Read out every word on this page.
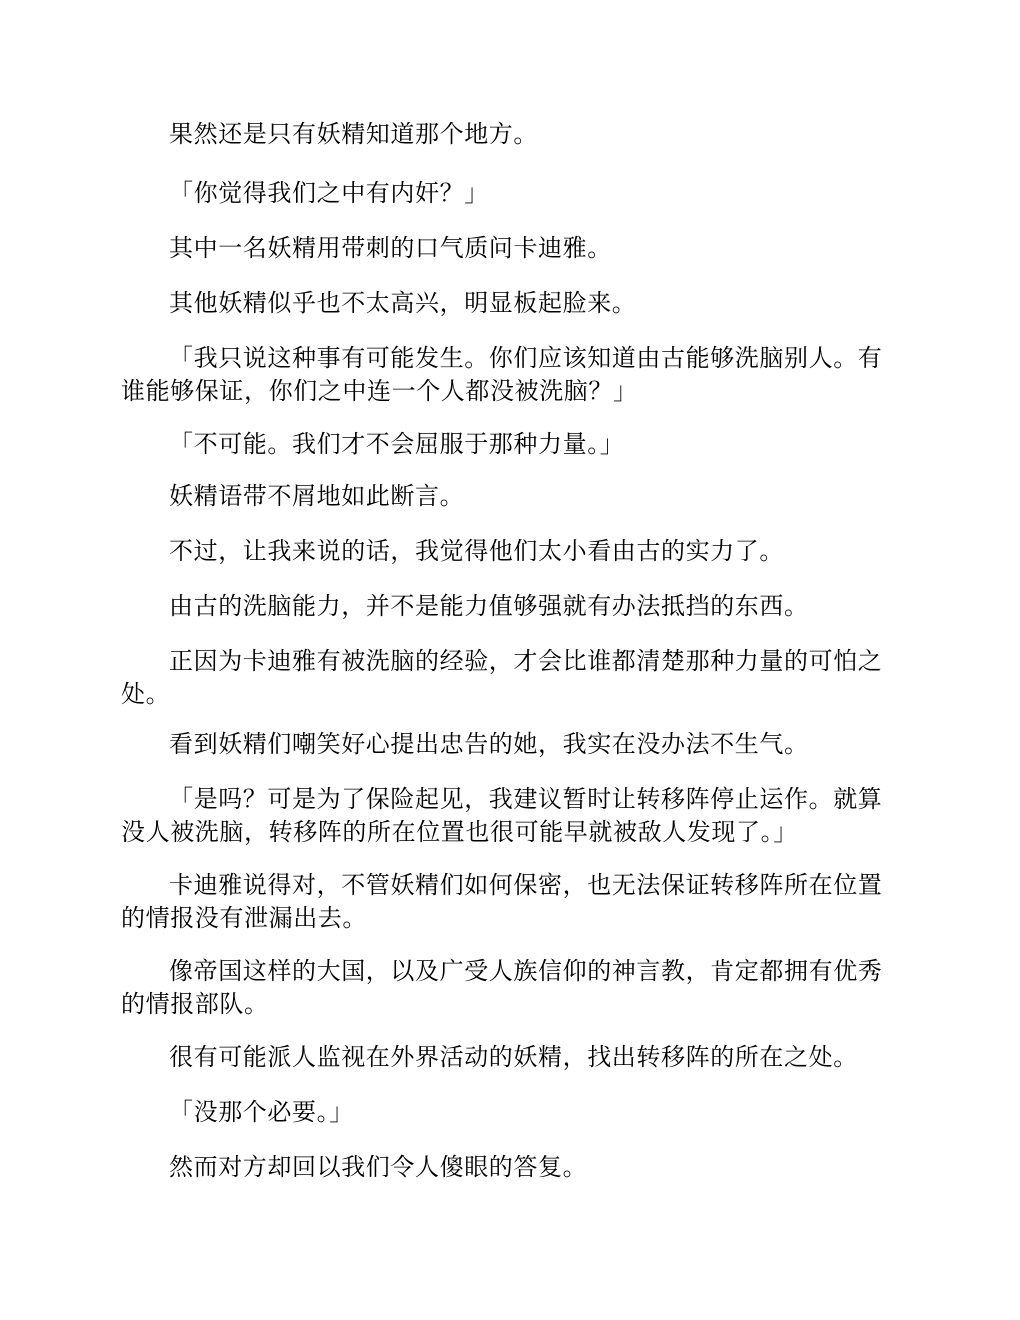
果然还是只有妖精知道那个地方。

「你觉得我们之中有内奸？」

其中一名妖精用带刺的口气质问卡迪雅。

其他妖精似乎也不太高兴，明显板起脸来。

「我只说这种事有可能发生。你们应该知道由古能够洗脑别人。有谁能够保证，你们之中连一个人都没被洗脑？」

「不可能。我们才不会屈服于那种力量。」

妖精语带不屑地如此断言。

不过，让我来说的话，我觉得他们太小看由古的实力了。

由古的洗脑能力，并不是能力值够强就有办法抵挡的东西。

正因为卡迪雅有被洗脑的经验，才会比谁都清楚那种力量的可怕之处。

看到妖精们嘲笑好心提出忠告的她，我实在没办法不生气。

「是吗？可是为了保险起见，我建议暂时让转移阵停止运作。就算没人被洗脑，转移阵的所在位置也很可能早就被敌人发现了。」

卡迪雅说得对，不管妖精们如何保密，也无法保证转移阵所在位置的情报没有泄漏出去。

像帝国这样的大国，以及广受人族信仰的神言教，肯定都拥有优秀的情报部队。

很有可能派人监视在外界活动的妖精，找出转移阵的所在之处。

「没那个必要。」

然而对方却回以我们令人傻眼的答复。
